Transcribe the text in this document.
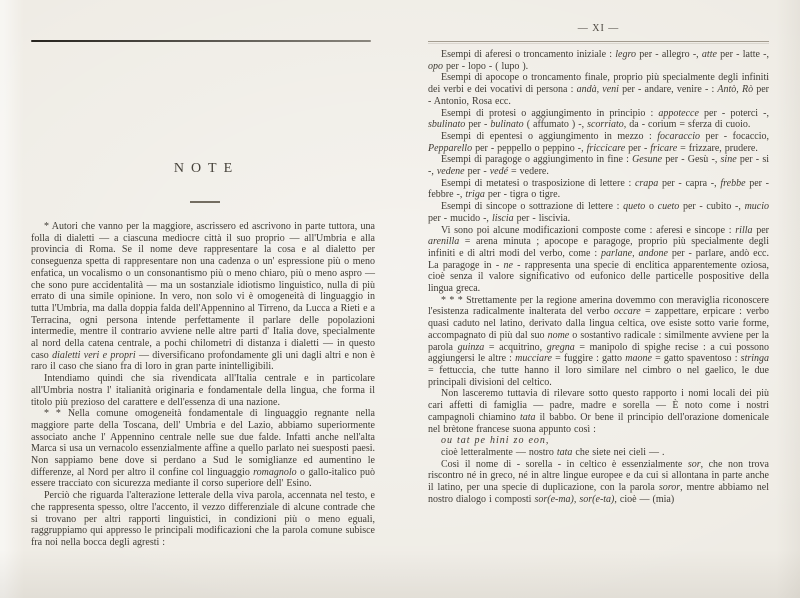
NOTE

* Autori che vanno per la maggiore, ascrissero ed ascrivono in parte tuttora, una folla di dialetti — a ciascuna mediocre città il suo proprio — all'Umbria e alla provincia di Roma. Se il nome deve rappresentare la cosa e al dialetto per conseguenza spetta di rappresentare non una cadenza o un' espressione più o meno enfatica, un vocalismo o un consonantismo più o meno chiaro, più o meno aspro — che sono pure accidentalità — ma un sostanziale idiotismo linguistico, nulla di più errato di una simile opinione. In vero, non solo vi è omogeneità di linguaggio in tutta l'Umbria, ma dalla doppia falda dell'Appennino al Tirreno, da Lucca a Rieti e a Terracina, ogni persona intende perfettamente il parlare delle popolazioni intermedie, mentre il contrario avviene nelle altre parti d' Italia dove, specialmente al nord della catena centrale, a pochi chilometri di distanza i dialetti — in questo caso dialetti veri e propri — diversificano profondamente gli uni dagli altri e non è raro il caso che siano fra di loro in gran parte inintelligibili.

Intendiamo quindi che sia rivendicata all'Italia centrale e in particolare all'Umbria nostra l' italianità originaria e fondamentale della lingua, che forma il titolo più prezioso del carattere e dell'essenza di una nazione.

* * Nella comune omogeneità fondamentale di linguaggio regnante nella maggiore parte della Toscana, dell' Umbria e del Lazio, abbiamo superiormente associato anche l' Appennino centrale nelle sue due falde. Infatti anche nell'alta Marca si usa un vernacolo essenzialmente affine a quello parlato nei suesposti paesi. Non sappiamo bene dove si perdano a Sud le somiglianze ed aumentino le differenze, al Nord per altro il confine col linguaggio romagnolo o gallo-italico può essere tracciato con sicurezza mediante il corso superiore dell' Esino.

Perciò che riguarda l'alterazione letterale della viva parola, accennata nel testo, e che rappresenta spesso, oltre l'accento, il vezzo differenziale di alcune contrade che si trovano per altri rapporti linguistici, in condizioni più o meno eguali, raggruppiamo qui appresso le principali modificazioni che la parola comune subisce fra noi nella bocca degli agresti :

— XI —

Esempi di aferesi o troncamento iniziale : legro per - allegro -, atte per - latte -, opo per - lopo - ( lupo ).

Esempi di apocope o troncamento finale, proprio più specialmente degli infiniti dei verbi e dei vocativi di persona : andà, veni per - andare, venire - : Antò, Rò per - Antonio, Rosa ecc.

Esempi di protesi o aggiungimento in principio : appotecce per - poterci -, sbulinato per - bulinato ( affumato ) -, scorriato, da - corium = sferza di cuoio.

Esempi di epentesi o aggiungimento in mezzo : focaraccio per - focaccio, Pepparello per - peppello o peppino -, friccicare per - fricare = frizzare, prudere.

Esempi di paragoge o aggiungimento in fine : Gesune per - Gesù -, sine per - si -, vedene per - vedé = vedere.

Esempi di metatesi o trasposizione di lettere : crapa per - capra -, frebbe per - febbre -, triga per - tigra o tigre.

Esempi di sincope o sottrazione di lettere : queto o cueto per - cubito -, mucio per - mucido -, liscia per - liscivia.

Vi sono poi alcune modificazioni composte come : aferesi e sincope : rilla per arenilla = arena minuta ; apocope e paragoge, proprio più specialmente degli infiniti e di altri modi del verbo, come : parlane, andone per - parlare, andò ecc. La paragoge in - ne - rappresenta una specie di enclitica apparentemente oziosa, cioè senza il valore significativo od eufonico delle particelle pospositive della lingua greca.

* * * Strettamente per la regione amerina dovemmo con meraviglia riconoscere l'esistenza radicalmente inalterata del verbo occare = zappettare, erpicare : verbo quasi caduto nel latino, derivato dalla lingua celtica, ove esiste sotto varie forme, accompagnato di più dal suo nome o sostantivo radicale : similmente avviene per la parola guinza = acquitrino, gregna = manipolo di spighe recise : a cui possono aggiungersi le altre : mucciare = fuggire : gatto maone = gatto spaventoso : stringa = fettuccia, che tutte hanno il loro similare nel cimbro o nel gaelico, le due principali divisioni del celtico.

Non lasceremo tuttavia di rilevare sotto questo rapporto i nomi locali dei più cari affetti di famiglia — padre, madre e sorella — È noto come i nostri campagnoli chiamino tata il babbo. Or bene il principio dell'orazione domenicale nel brètone francese suona appunto così :

ou tat pe hini zo eon,

cioè letteralmente — nostro tata che siete nei cieli — .

Così il nome di - sorella - in celtico è essenzialmente sor, che non trova riscontro né in greco, né in altre lingue europee e da cui si allontana in parte anche il latino, per una specie di duplicazione, con la parola soror, mentre abbiamo nel nostro dialogo i composti sor(e-ma), sor(e-ta), cioè — (mia)
